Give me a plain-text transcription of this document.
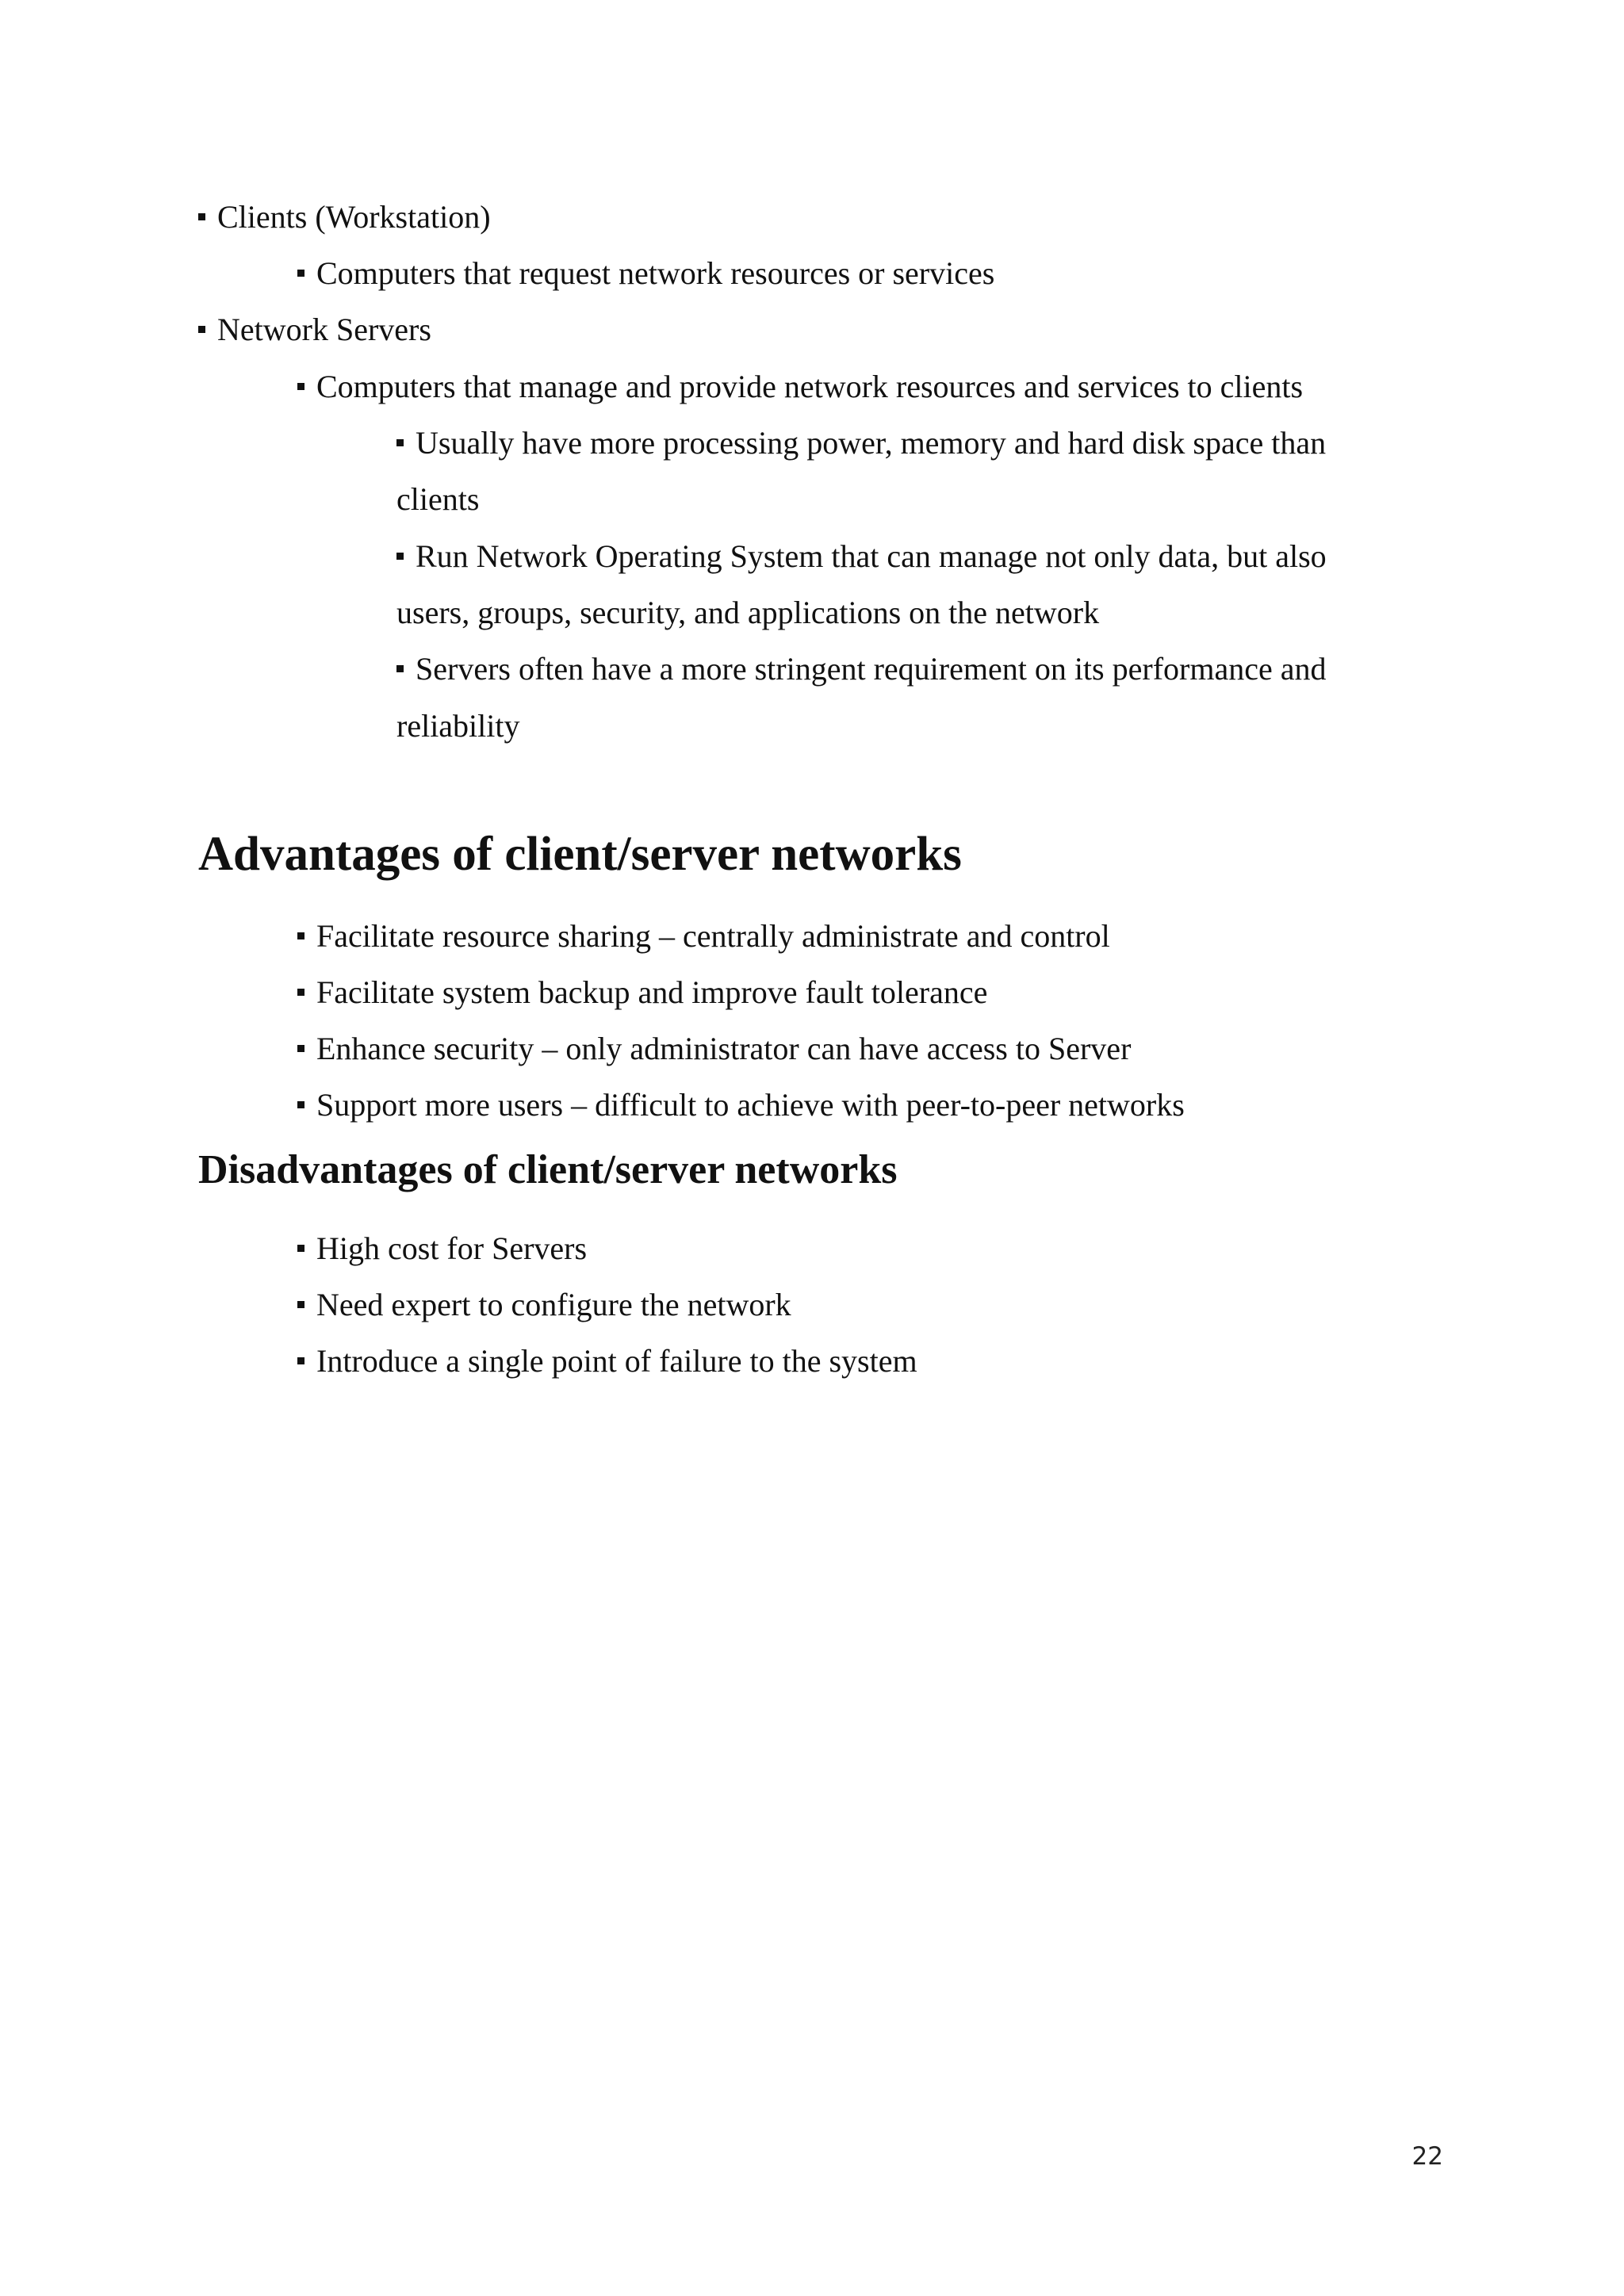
Clients (Workstation)
Computers that request network resources or services
Network Servers
Computers that manage and provide network resources and services to clients
Usually have more processing power, memory and hard disk space than
clients
Run Network Operating System that can manage not only data, but also
users, groups, security, and applications on the network
Servers often have a more stringent requirement on its performance and
reliability
Advantages of client/server networks
Facilitate resource sharing – centrally administrate and control
Facilitate system backup and improve fault tolerance
Enhance security – only administrator can have access to Server
Support more users – difficult to achieve with peer-to-peer networks
Disadvantages of client/server networks
High cost for Servers
Need expert to configure the network
Introduce a single point of failure to the system
22
